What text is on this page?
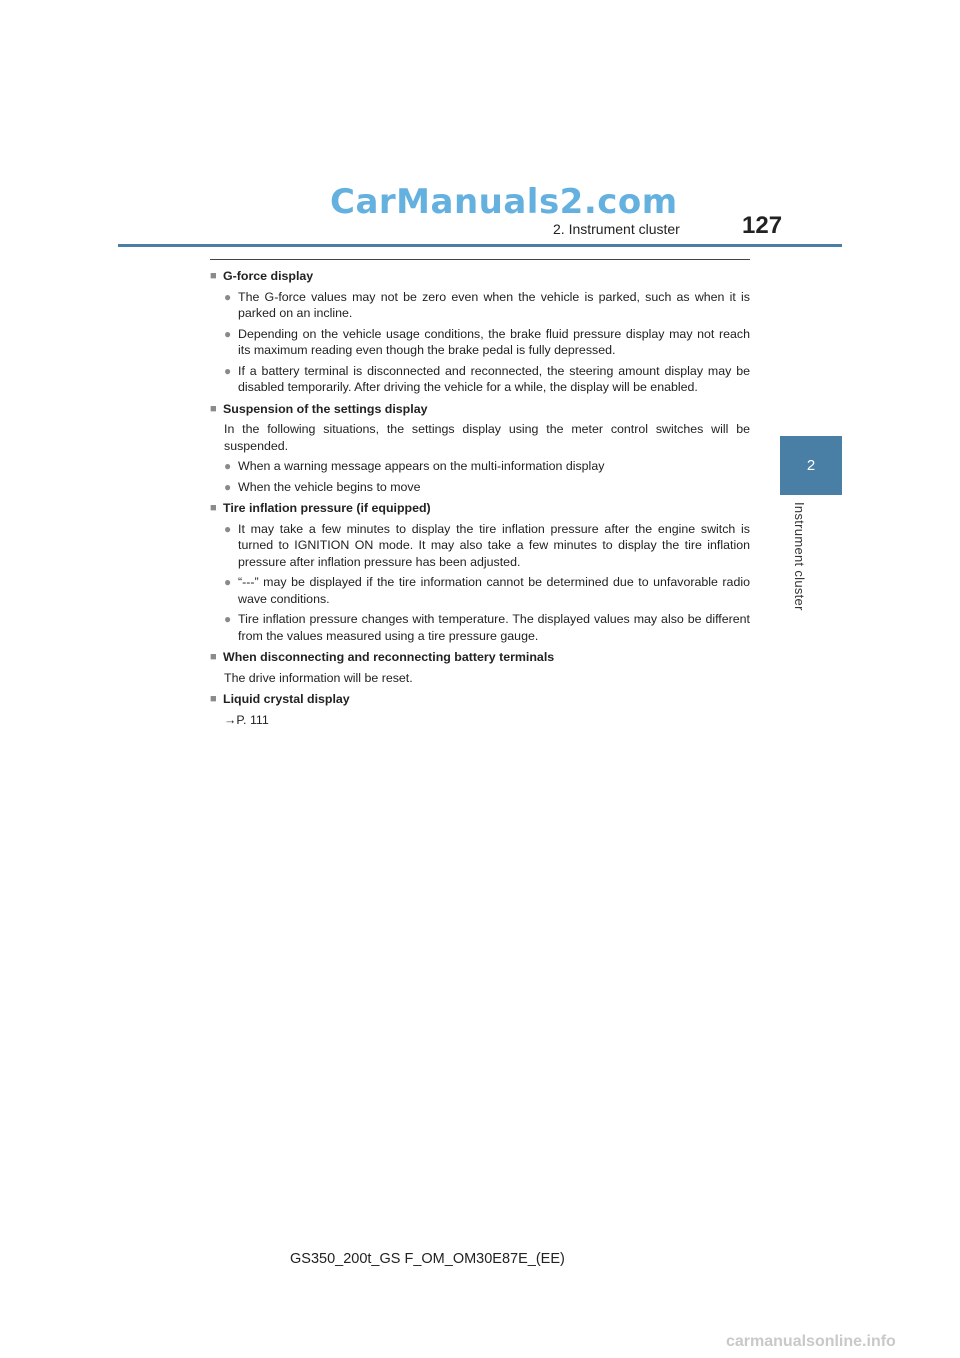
CarManuals2.com
2. Instrument cluster	127
2
Instrument cluster
■ G-force display
● The G-force values may not be zero even when the vehicle is parked, such as when it is parked on an incline.
● Depending on the vehicle usage conditions, the brake fluid pressure display may not reach its maximum reading even though the brake pedal is fully depressed.
● If a battery terminal is disconnected and reconnected, the steering amount display may be disabled temporarily. After driving the vehicle for a while, the display will be enabled.
■ Suspension of the settings display
In the following situations, the settings display using the meter control switches will be suspended.
● When a warning message appears on the multi-information display
● When the vehicle begins to move
■ Tire inflation pressure (if equipped)
● It may take a few minutes to display the tire inflation pressure after the engine switch is turned to IGNITION ON mode. It may also take a few minutes to display the tire inflation pressure after inflation pressure has been adjusted.
● “---” may be displayed if the tire information cannot be determined due to unfavorable radio wave conditions.
● Tire inflation pressure changes with temperature. The displayed values may also be different from the values measured using a tire pressure gauge.
■ When disconnecting and reconnecting battery terminals
The drive information will be reset.
■ Liquid crystal display
→P. 111
GS350_200t_GS F_OM_OM30E87E_(EE)
carmanualsonline.info
